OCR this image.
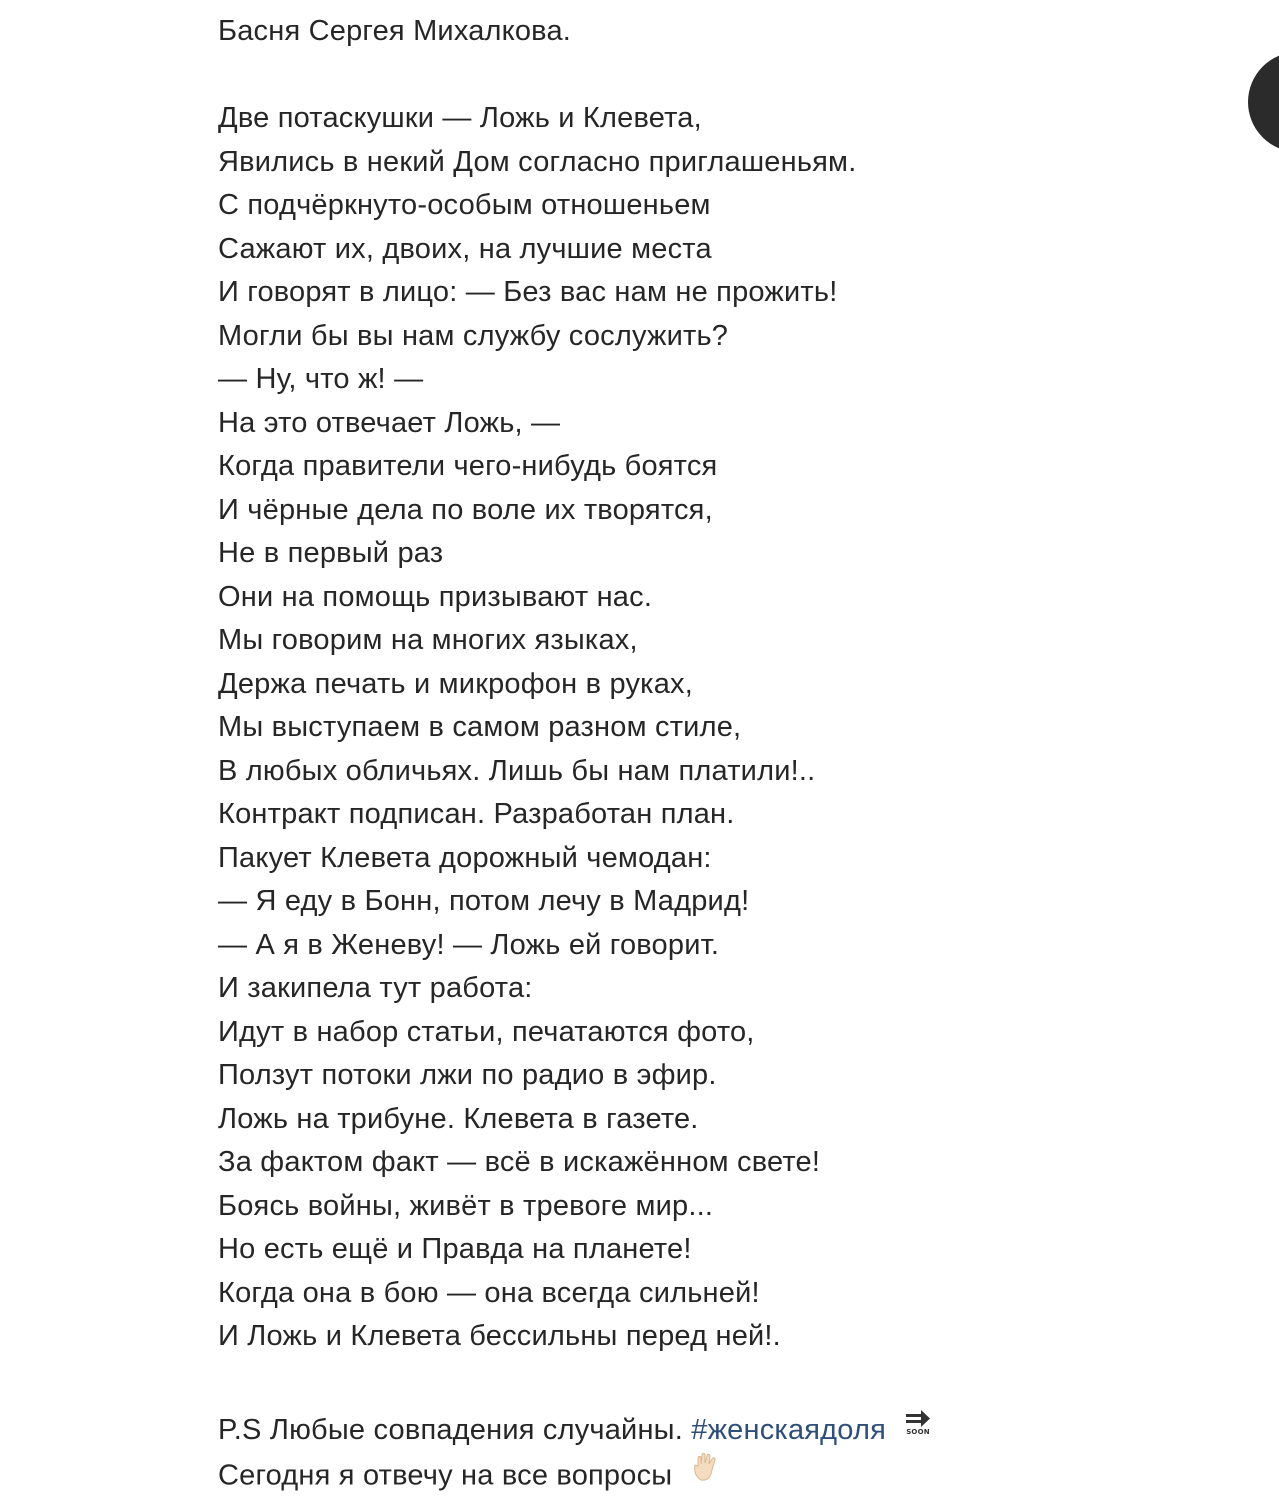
Басня Сергея Михалкова.
Две потаскушки — Ложь и Клевета,
Явились в некий Дом согласно приглашеньям.
С подчёркнуто-особым отношеньем
Сажают их, двоих, на лучшие места
И говорят в лицо: — Без вас нам не прожить!
Могли бы вы нам службу сослужить?
— Ну, что ж! —
На это отвечает Ложь, —
Когда правители чего-нибудь боятся
И чёрные дела по воле их творятся,
Не в первый раз
Они на помощь призывают нас.
Мы говорим на многих языках,
Держа печать и микрофон в руках,
Мы выступаем в самом разном стиле,
В любых обличьях. Лишь бы нам платили!..
Контракт подписан. Разработан план.
Пакует Клевета дорожный чемодан:
— Я еду в Бонн, потом лечу в Мадрид!
— А я в Женеву! — Ложь ей говорит.
И закипела тут работа:
Идут в набор статьи, печатаются фото,
Ползут потоки лжи по радио в эфир.
Ложь на трибуне. Клевета в газете.
За фактом факт — всё в искажённом свете!
Боясь войны, живёт в тревоге мир...
Но есть ещё и Правда на планете!
Когда она в бою — она всегда сильней!
И Ложь и Клевета бессильны перед ней!.
P.S Любые совпадения случайны. #женскаядоля	SOON
Сегодня я отвечу на все вопросы
